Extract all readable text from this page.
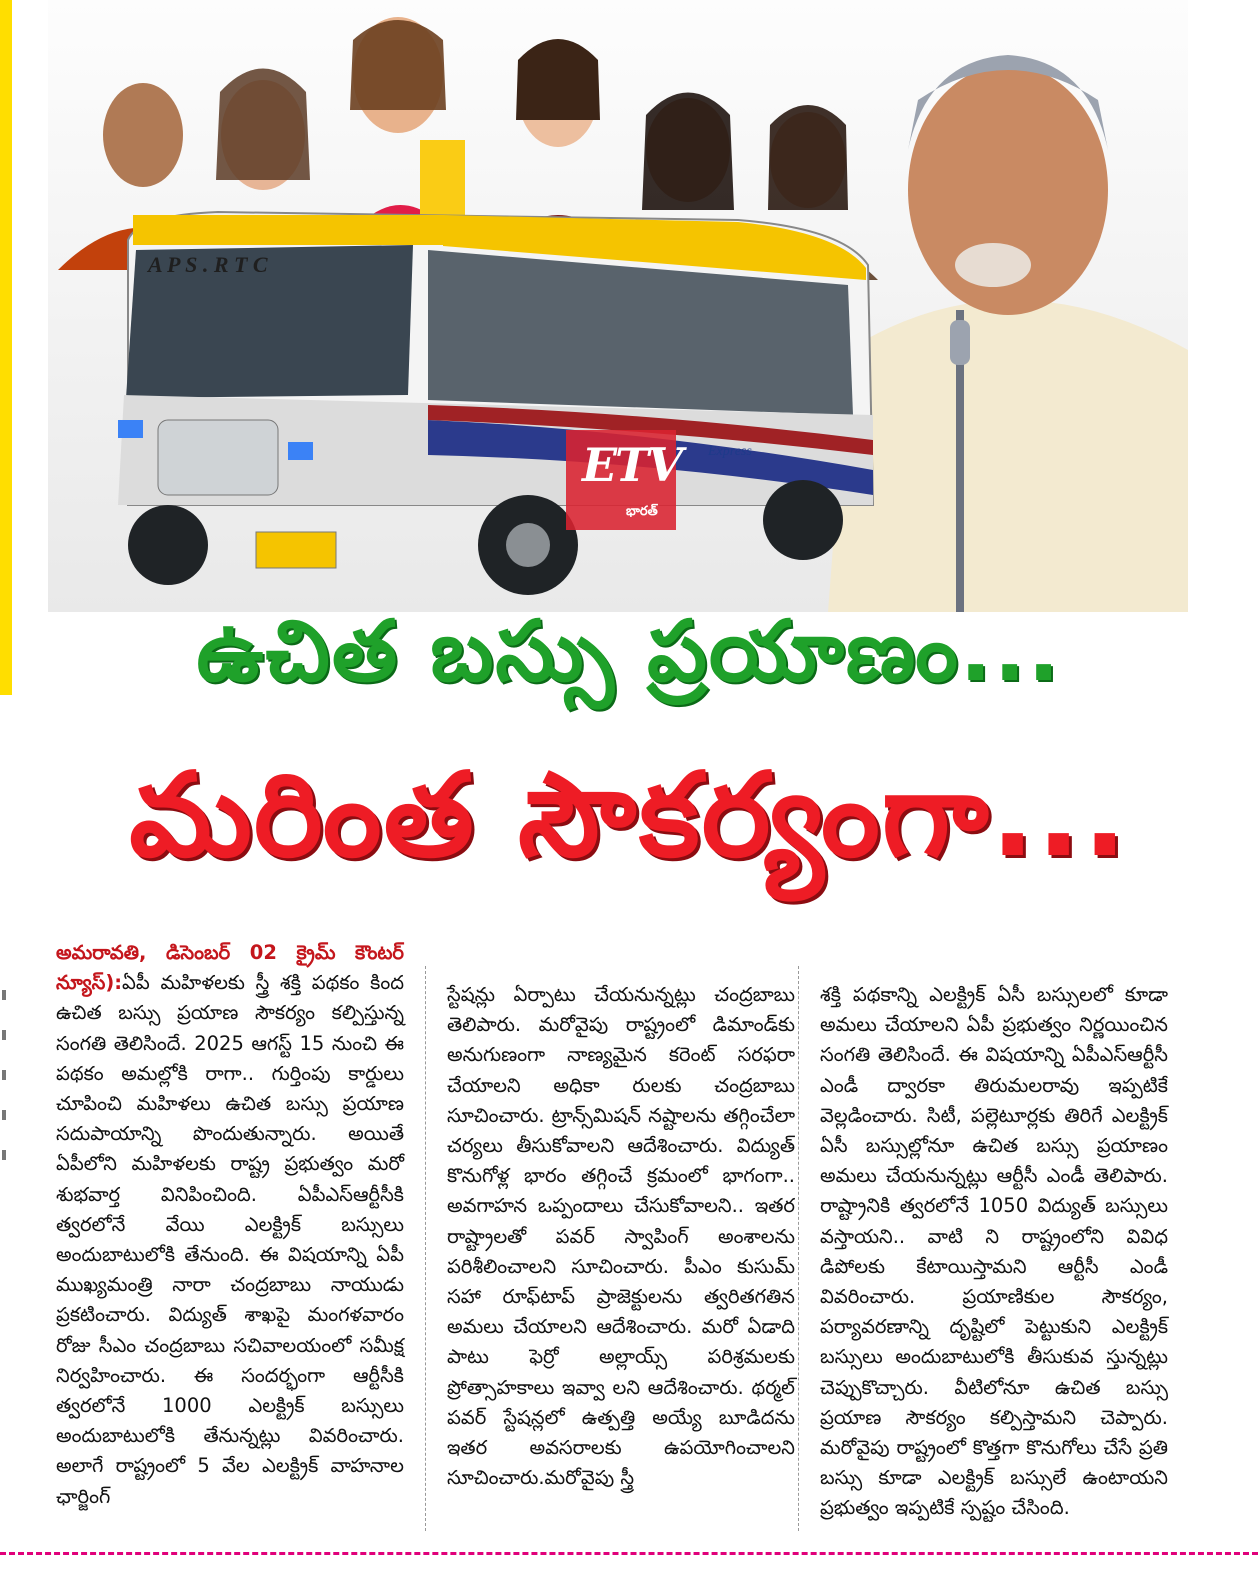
A P S . R T C
Express
ETV
భారత్
ఉచిత బస్సు ప్రయాణం...
మరింత సౌకర్యంగా...
అమరావతి, డిసెంబర్ 02 క్రైమ్ కౌంటర్ న్యూస్):ఏపీ మహిళలకు స్త్రీ శక్తి పథకం కింద ఉచిత బస్సు ప్రయాణ సౌకర్యం కల్పిస్తున్న సంగతి తెలిసిందే. 2025 ఆగస్ట్ 15 నుంచి ఈ పథకం అమల్లోకి రాగా.. గుర్తింపు కార్డులు చూపించి మహిళలు ఉచిత బస్సు ప్రయాణ సదుపాయాన్ని పొందుతున్నారు. అయితే ఏపీలోని మహిళలకు రాష్ట్ర ప్రభుత్వం మరో శుభవార్త వినిపించింది. ఏపీఎస్ఆర్టీసీకి త్వరలోనే వేయి ఎలక్ట్రిక్ బస్సులు అందుబాటులోకి తేనుంది. ఈ విషయాన్ని ఏపీ ముఖ్యమంత్రి నారా చంద్రబాబు నాయుడు ప్రకటించారు. విద్యుత్ శాఖపై మంగళవారం రోజు సీఎం చంద్రబాబు సచివాలయంలో సమీక్ష నిర్వహించారు. ఈ సందర్భంగా ఆర్టీసీకి త్వరలోనే 1000 ఎలక్ట్రిక్ బస్సులు అందుబాటులోకి తేనున్నట్లు వివరించారు. అలాగే రాష్ట్రంలో 5 వేల ఎలక్ట్రిక్ వాహనాల ఛార్జింగ్
స్టేషన్లు ఏర్పాటు చేయనున్నట్లు చంద్రబాబు తెలిపారు. మరోవైపు రాష్ట్రంలో డిమాండ్‌కు అనుగుణంగా నాణ్యమైన కరెంట్ సరఫరా చేయాలని అధికా రులకు చంద్రబాబు సూచించారు. ట్రాన్స్‌మిషన్ నష్టాలను తగ్గించేలా చర్యలు తీసుకోవాలని ఆదేశించారు. విద్యుత్ కొనుగోళ్ల భారం తగ్గించే క్రమంలో భాగంగా.. అవగాహన ఒప్పందాలు చేసుకోవాలని.. ఇతర రాష్ట్రాలతో పవర్ స్వాపింగ్ అంశాలను పరిశీలించాలని సూచించారు. పీఎం కుసుమ్ సహా రూఫ్‌టాప్ ప్రాజెక్టులను త్వరితగతిన అమలు చేయాలని ఆదేశించారు. మరో ఏడాది పాటు ఫెర్రో అల్లాయ్స్ పరిశ్రమలకు ప్రోత్సాహకాలు ఇవ్వా లని ఆదేశించారు. థర్మల్ పవర్ స్టేషన్లలో ఉత్పత్తి అయ్యే బూడిదను ఇతర అవసరాలకు ఉపయోగించాలని సూచించారు.మరోవైపు స్త్రీ
శక్తి పథకాన్ని ఎలక్ట్రిక్ ఏసీ బస్సులలో కూడా అమలు చేయాలని ఏపీ ప్రభుత్వం నిర్ణయించిన సంగతి తెలిసిందే. ఈ విషయాన్ని ఏపీఎస్ఆర్టీసీ ఎండీ ద్వారకా తిరుమలరావు ఇప్పటికే వెల్లడించారు. సిటీ, పల్లెటూర్లకు తిరిగే ఎలక్ట్రిక్ ఏసీ బస్సుల్లోనూ ఉచిత బస్సు ప్రయాణం అమలు చేయనున్నట్లు ఆర్టీసీ ఎండీ తెలిపారు. రాష్ట్రానికి త్వరలోనే 1050 విద్యుత్ బస్సులు వస్తాయని.. వాటి ని రాష్ట్రంలోని వివిధ డిపోలకు కేటాయిస్తామని ఆర్టీసీ ఎండీ వివరించారు. ప్రయాణికుల సౌకర్యం, పర్యావరణాన్ని దృష్టిలో పెట్టుకుని ఎలక్ట్రిక్ బస్సులు అందుబాటులోకి తీసుకువ స్తున్నట్లు చెప్పుకొచ్చారు. వీటిలోనూ ఉచిత బస్సు ప్రయాణ సౌకర్యం కల్పిస్తామని చెప్పారు. మరోవైపు రాష్ట్రంలో కొత్తగా కొనుగోలు చేసే ప్రతి బస్సు కూడా ఎలక్ట్రిక్ బస్సులే ఉంటాయని ప్రభుత్వం ఇప్పటికే స్పష్టం చేసింది.
